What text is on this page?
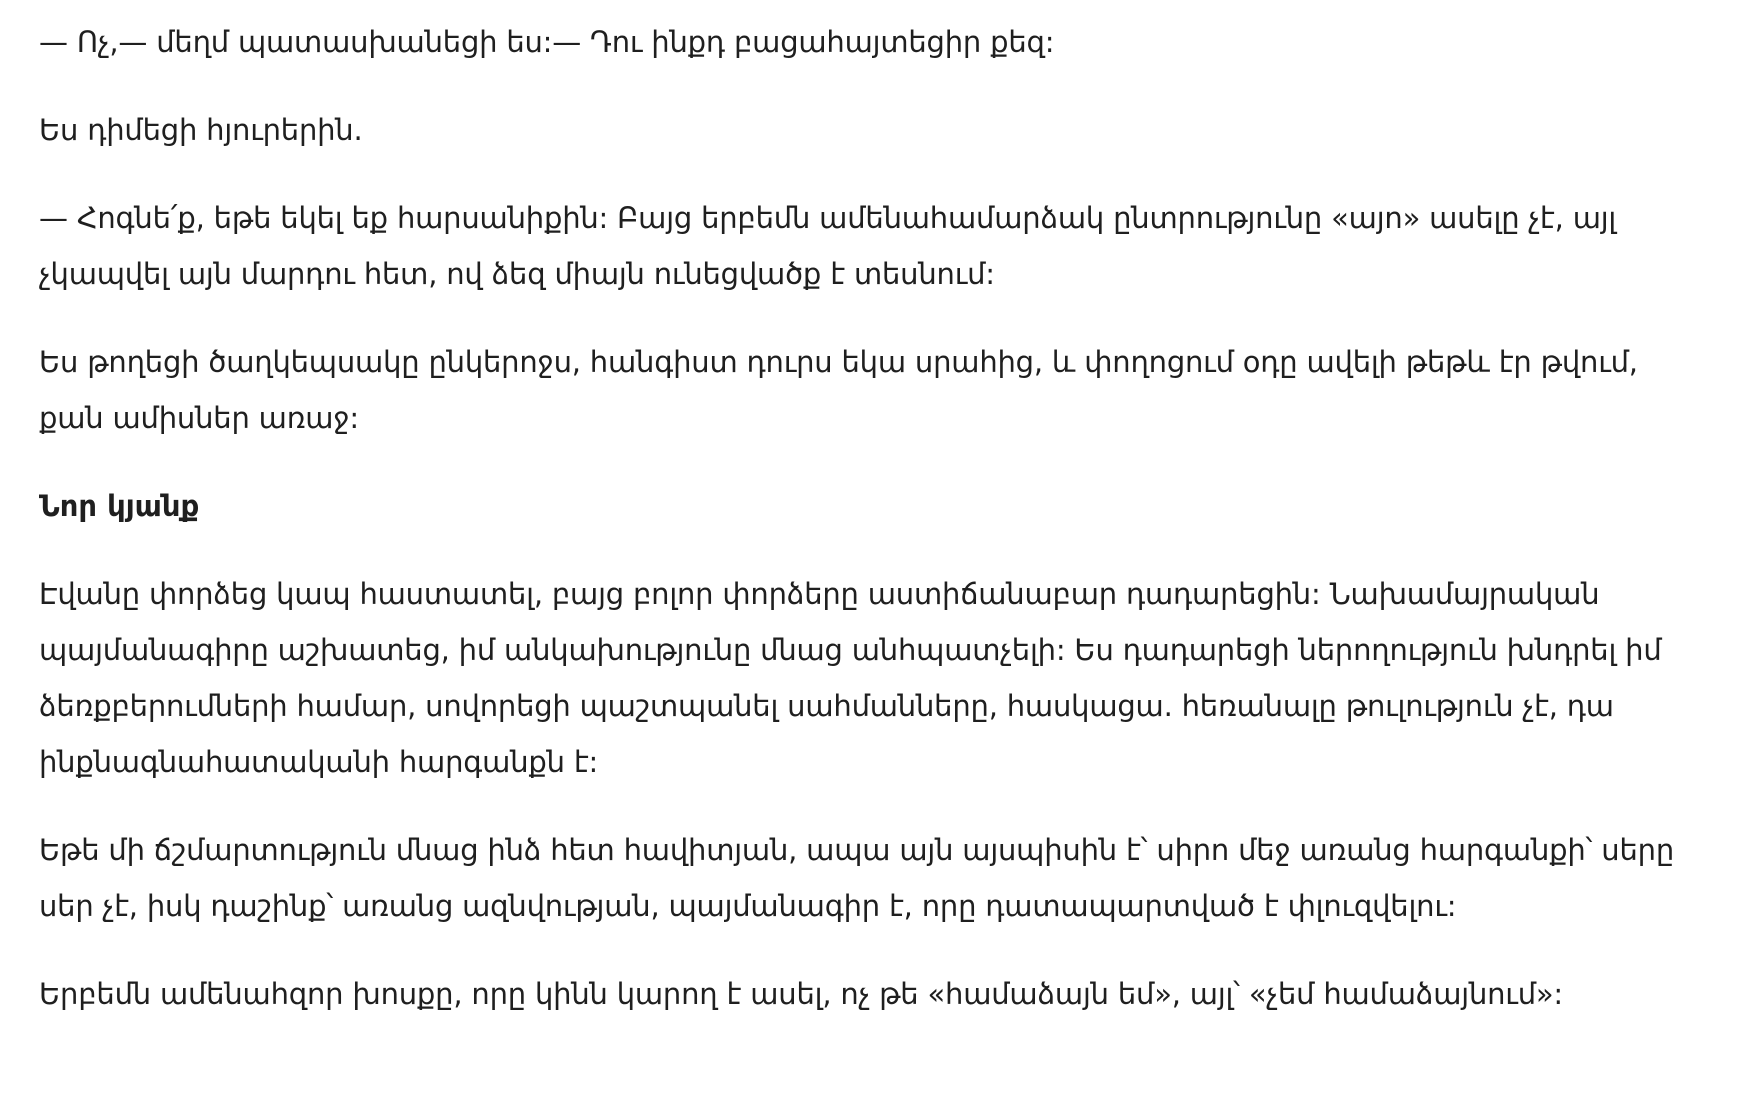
— Ոչ,— մեղմ պատասխանեցի ես:— Դու ինքդ բացահայտեցիր քեզ:

Ես դիմեցի հյուրերին.

— Հոգնե՛ք, եթե եկել եք հարսանիքին: Բայց երբեմն ամենահամարձակ ընտրությունը «այո» ասելը չէ, այլ չկապվել այն մարդու հետ, ով ձեզ միայն ունեցվածք է տեսնում:

Ես թողեցի ծաղկեպսակը ընկերոջս, հանգիստ դուրս եկա սրահից, և փողոցում օդը ավելի թեթև էր թվում, քան ամիսներ առաջ:

Նոր կյանք

Էվանը փորձեց կապ հաստատել, բայց բոլոր փորձերը աստիճանաբար դադարեցին: Նախամայրական պայմանագիրը աշխատեց, իմ անկախությունը մնաց անհպատչելի: Ես դադարեցի ներողություն խնդրել իմ ձեռքբերումների համար, սովորեցի պաշտպանել սահմանները, հասկացա. հեռանալը թուլություն չէ, դա ինքնագնահատականի հարգանքն է:

Եթե մի ճշմարտություն մնաց ինձ հետ հավիտյան, ապա այն այսպիսին է՝ սիրո մեջ առանց հարգանքի՝ սերը սեր չէ, իսկ դաշինք՝ առանց ազնվության, պայմանագիր է, որը դատապարտված է փլուզվելու:

Երբեմն ամենահզոր խոսքը, որը կինն կարող է ասել, ոչ թե «համաձայն եմ», այլ՝ «չեմ համաձայնում»:
